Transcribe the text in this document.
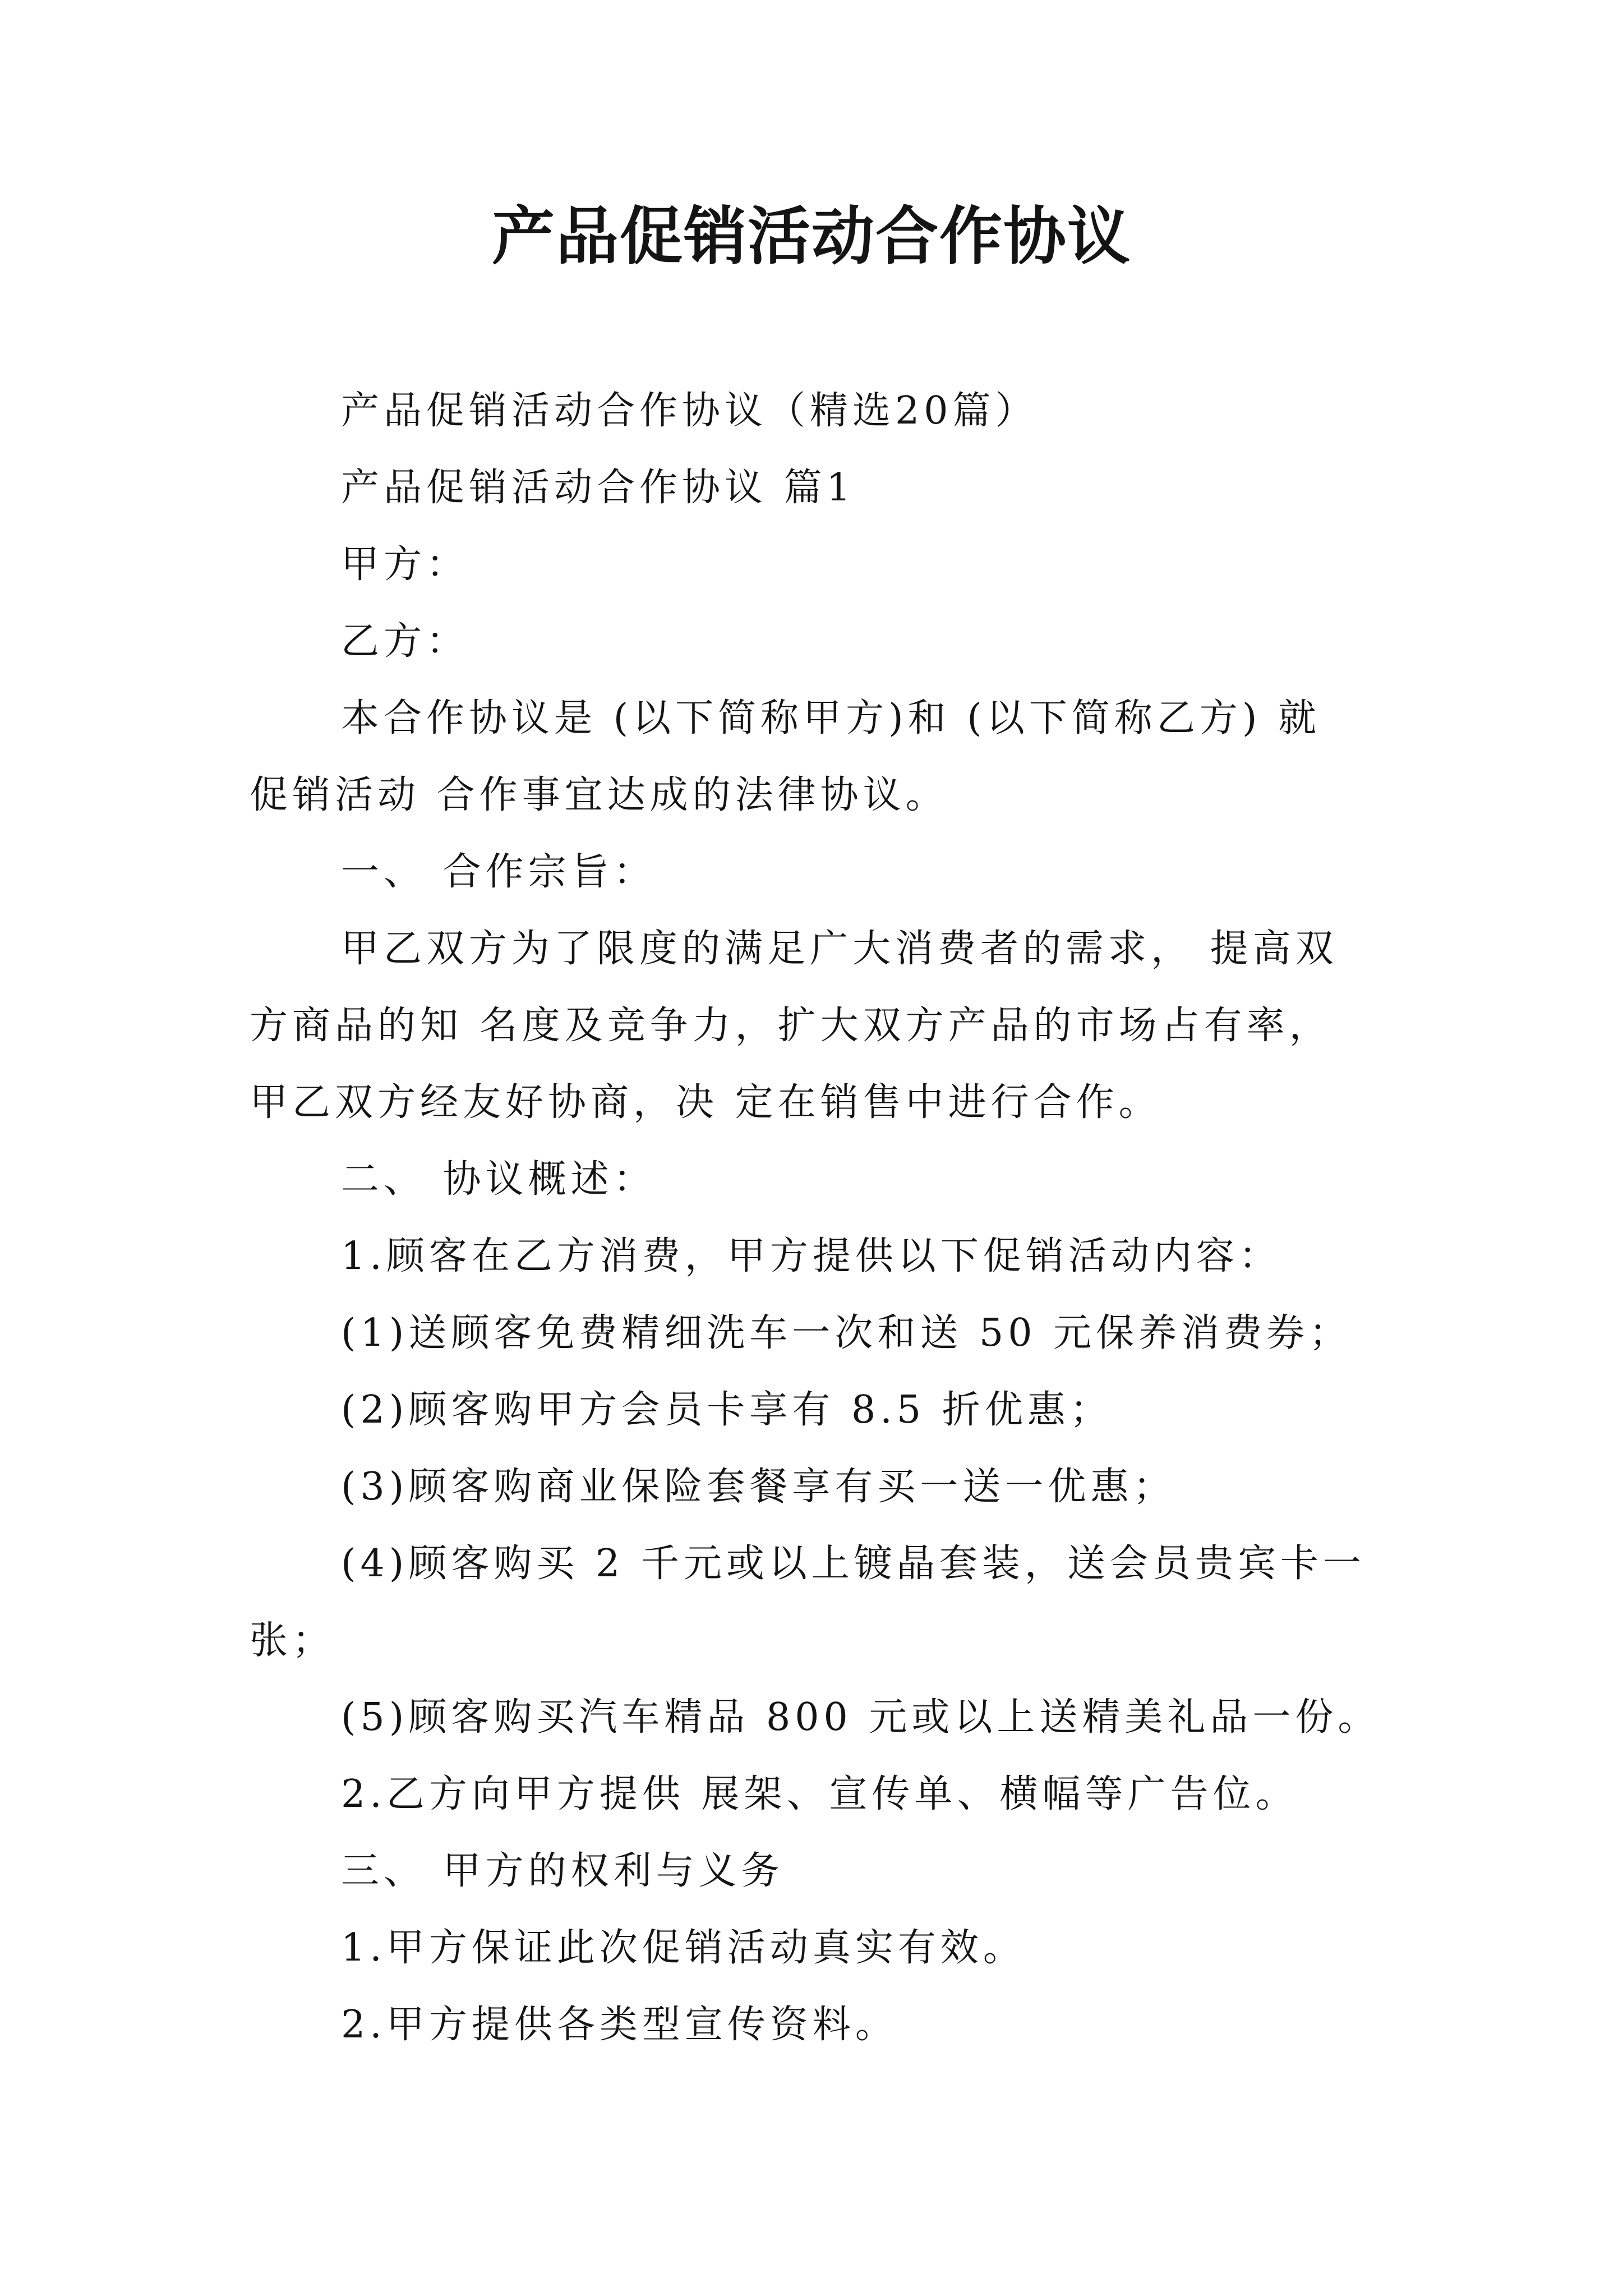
产品促销活动合作协议

产品促销活动合作协议（精选20篇）

产品促销活动合作协议 篇1

甲方：

乙方：

本合作协议是 (以下简称甲方)和 (以下简称乙方) 就

促销活动 合作事宜达成的法律协议。

一、 合作宗旨：

甲乙双方为了限度的满足广大消费者的需求， 提高双

方商品的知 名度及竞争力，扩大双方产品的市场占有率，

甲乙双方经友好协商，决 定在销售中进行合作。

二、 协议概述：

1.顾客在乙方消费，甲方提供以下促销活动内容：

(1)送顾客免费精细洗车一次和送 50 元保养消费券；

(2)顾客购甲方会员卡享有 8.5 折优惠；

(3)顾客购商业保险套餐享有买一送一优惠；

(4)顾客购买 2 千元或以上镀晶套装，送会员贵宾卡一

张；

(5)顾客购买汽车精品 800 元或以上送精美礼品一份。

2.乙方向甲方提供 展架、宣传单、横幅等广告位。

三、 甲方的权利与义务

1.甲方保证此次促销活动真实有效。

2.甲方提供各类型宣传资料。
